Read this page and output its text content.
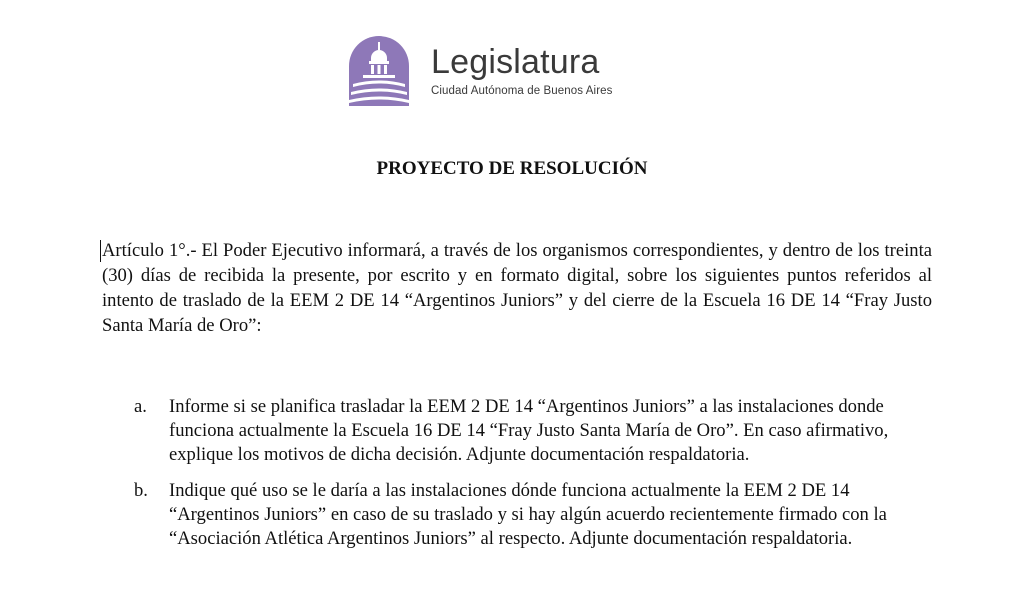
Legislatura
Ciudad Autónoma de Buenos Aires
PROYECTO DE RESOLUCIÓN

Artículo 1°.- El Poder Ejecutivo informará, a través de los organismos correspondientes, y dentro de los treinta (30) días de recibida la presente, por escrito y en formato digital, sobre los siguientes puntos referidos al intento de traslado de la EEM 2 DE 14 “Argentinos Juniors” y del cierre de la Escuela 16 DE 14 “Fray Justo Santa María de Oro”:

a.	Informe si se planifica trasladar la EEM 2 DE 14 “Argentinos Juniors” a las instalaciones donde funciona actualmente la Escuela 16 DE 14 “Fray Justo Santa María de Oro”. En caso afirmativo, explique los motivos de dicha decisión. Adjunte documentación respaldatoria.
b.	Indique qué uso se le daría a las instalaciones dónde funciona actualmente la EEM 2 DE 14 “Argentinos Juniors” en caso de su traslado y si hay algún acuerdo recientemente firmado con la “Asociación Atlética Argentinos Juniors” al respecto. Adjunte documentación respaldatoria.
